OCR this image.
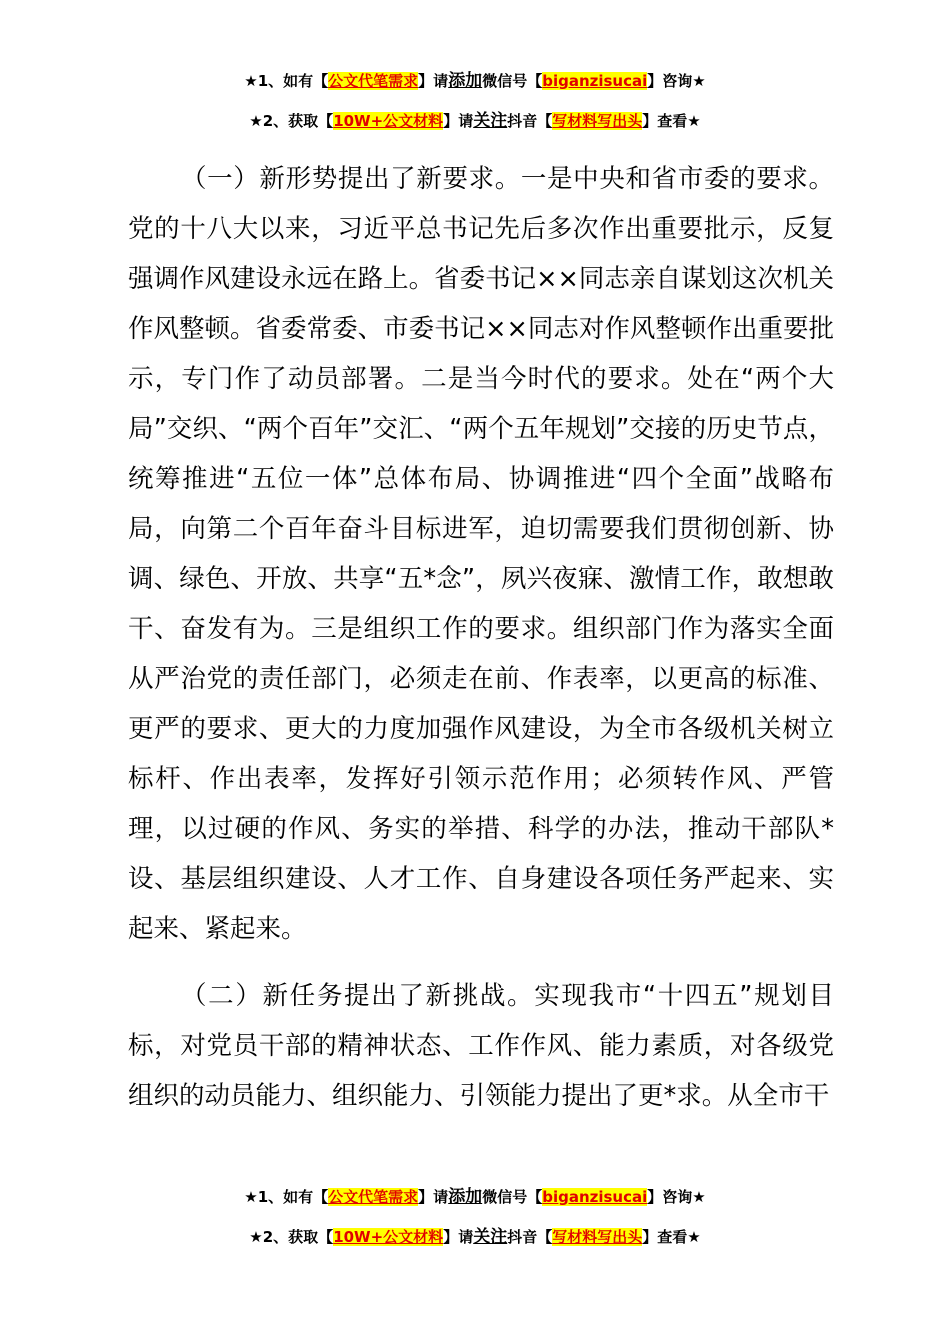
★1、如有【公文代笔需求】请添加微信号【biganzisucai】咨询★
★2、获取【10W+公文材料】请关注抖音【写材料写出头】查看★

（一）新形势提出了新要求。一是中央和省市委的要求。党的十八大以来，习近平总书记先后多次作出重要批示，反复强调作风建设永远在路上。省委书记××同志亲自谋划这次机关作风整顿。省委常委、市委书记××同志对作风整顿作出重要批示，专门作了动员部署。二是当今时代的要求。处在“两个大局”交织、“两个百年”交汇、“两个五年规划”交接的历史节点，统筹推进“五位一体”总体布局、协调推进“四个全面”战略布局，向第二个百年奋斗目标进军，迫切需要我们贯彻创新、协调、绿色、开放、共享“五*念”，夙兴夜寐、激情工作，敢想敢干、奋发有为。三是组织工作的要求。组织部门作为落实全面从严治党的责任部门，必须走在前、作表率，以更高的标准、更严的要求、更大的力度加强作风建设，为全市各级机关树立标杆、作出表率，发挥好引领示范作用；必须转作风、严管理，以过硬的作风、务实的举措、科学的办法，推动干部队*设、基层组织建设、人才工作、自身建设各项任务严起来、实起来、紧起来。

（二）新任务提出了新挑战。实现我市“十四五”规划目标，对党员干部的精神状态、工作作风、能力素质，对各级党组织的动员能力、组织能力、引领能力提出了更*求。从全市干

★1、如有【公文代笔需求】请添加微信号【biganzisucai】咨询★
★2、获取【10W+公文材料】请关注抖音【写材料写出头】查看★
